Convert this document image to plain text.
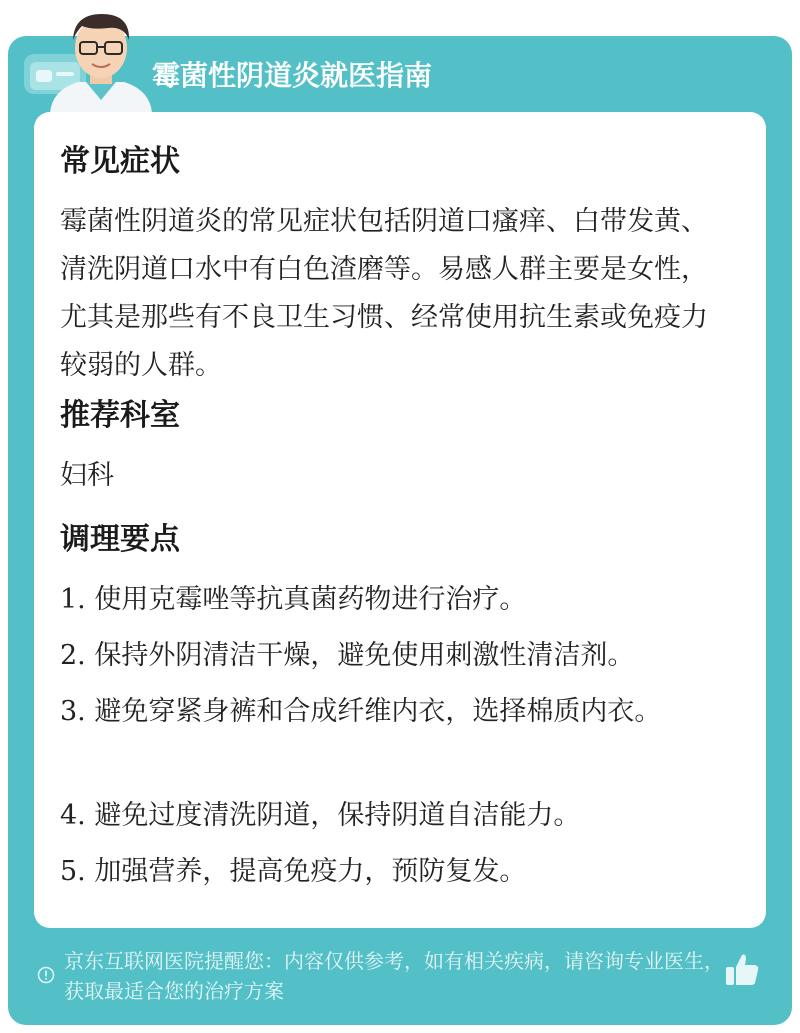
霉菌性阴道炎就医指南
常见症状
霉菌性阴道炎的常见症状包括阴道口瘙痒、白带发黄、清洗阴道口水中有白色渣磨等。易感人群主要是女性，尤其是那些有不良卫生习惯、经常使用抗生素或免疫力较弱的人群。
推荐科室
妇科
调理要点
1. 使用克霉唑等抗真菌药物进行治疗。
2. 保持外阴清洁干燥，避免使用刺激性清洁剂。
3. 避免穿紧身裤和合成纤维内衣，选择棉质内衣。
4. 避免过度清洗阴道，保持阴道自洁能力。
5. 加强营养，提高免疫力，预防复发。
京东互联网医院提醒您：内容仅供参考，如有相关疾病，请咨询专业医生，获取最适合您的治疗方案
